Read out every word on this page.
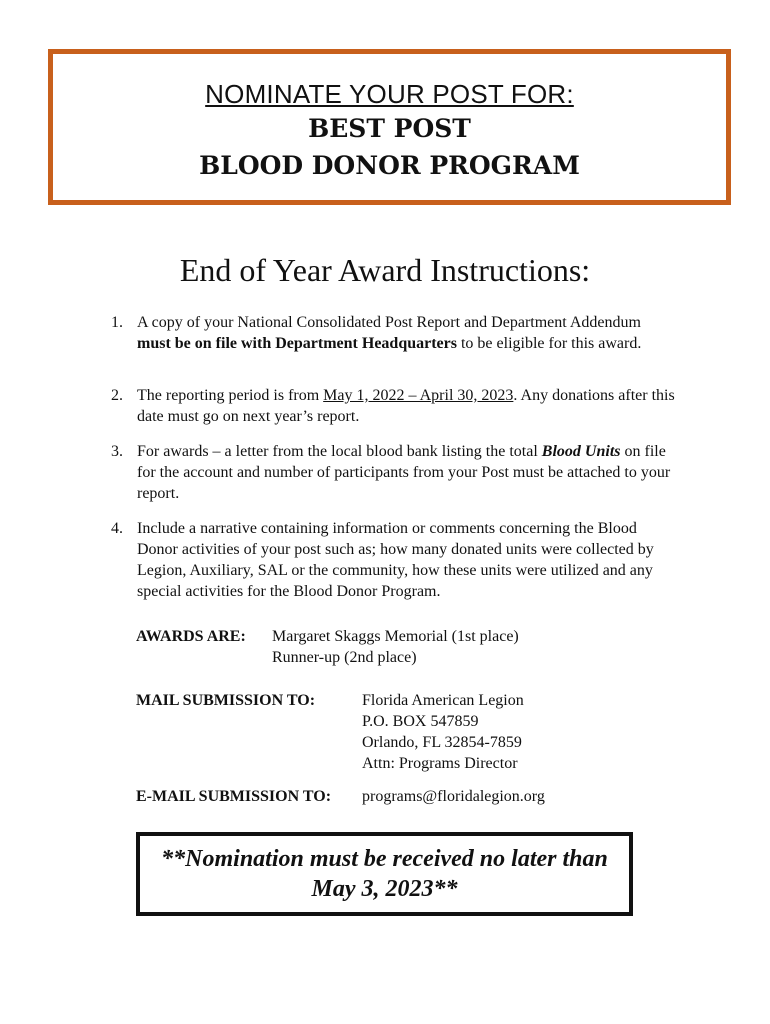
NOMINATE YOUR POST FOR:
BEST POST
BLOOD DONOR PROGRAM
End of Year Award Instructions:
1. A copy of your National Consolidated Post Report and Department Addendum must be on file with Department Headquarters to be eligible for this award.
2. The reporting period is from May 1, 2022 – April 30, 2023. Any donations after this date must go on next year’s report.
3. For awards – a letter from the local blood bank listing the total Blood Units on file for the account and number of participants from your Post must be attached to your report.
4. Include a narrative containing information or comments concerning the Blood Donor activities of your post such as; how many donated units were collected by Legion, Auxiliary, SAL or the community, how these units were utilized and any special activities for the Blood Donor Program.
AWARDS ARE: Margaret Skaggs Memorial (1st place)
Runner-up (2nd place)
MAIL SUBMISSION TO:	Florida American Legion
P.O. BOX 547859
Orlando, FL 32854-7859
Attn: Programs Director
E-MAIL SUBMISSION TO: programs@floridalegion.org
**Nomination must be received no later than
May 3, 2023**
